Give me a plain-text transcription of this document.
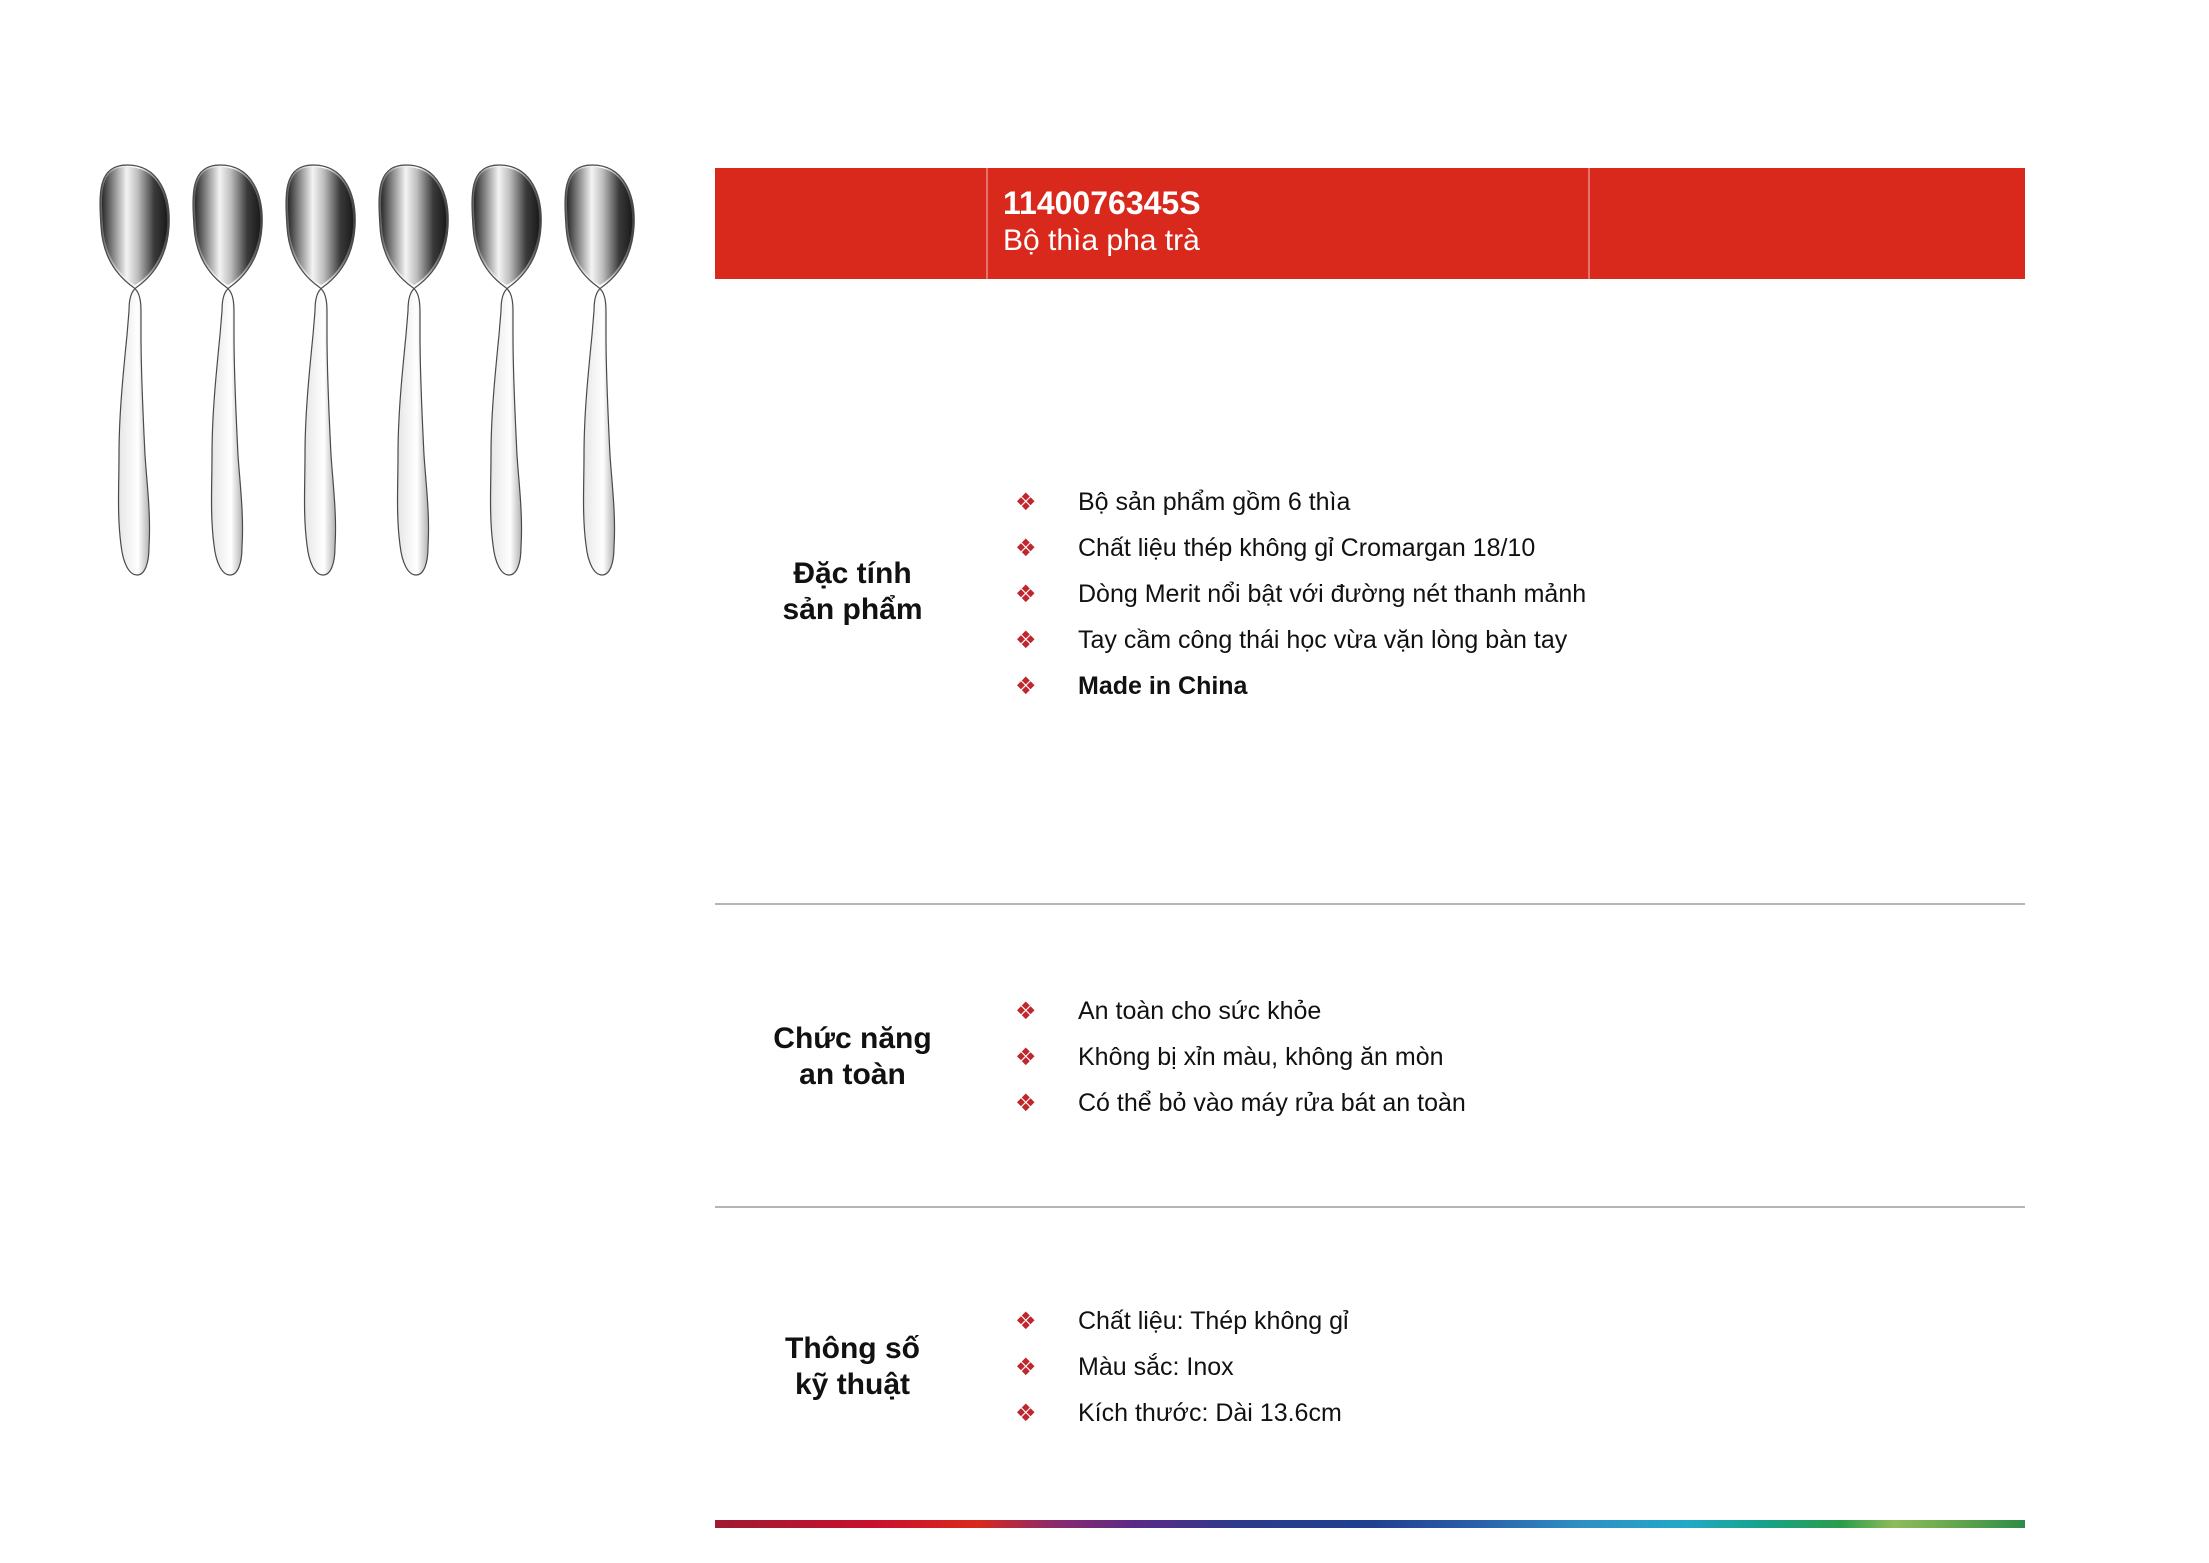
1140076345S
Bộ thìa pha trà
Đặc tính
sản phẩm
❖ Bộ sản phẩm gồm 6 thìa
❖ Chất liệu thép không gỉ Cromargan 18/10
❖ Dòng Merit nổi bật với đường nét thanh mảnh
❖ Tay cầm công thái học vừa vặn lòng bàn tay
❖ Made in China
Chức năng
an toàn
❖ An toàn cho sức khỏe
❖ Không bị xỉn màu, không ăn mòn
❖ Có thể bỏ vào máy rửa bát an toàn
Thông số
kỹ thuật
❖ Chất liệu: Thép không gỉ
❖ Màu sắc: Inox
❖ Kích thước: Dài 13.6cm
